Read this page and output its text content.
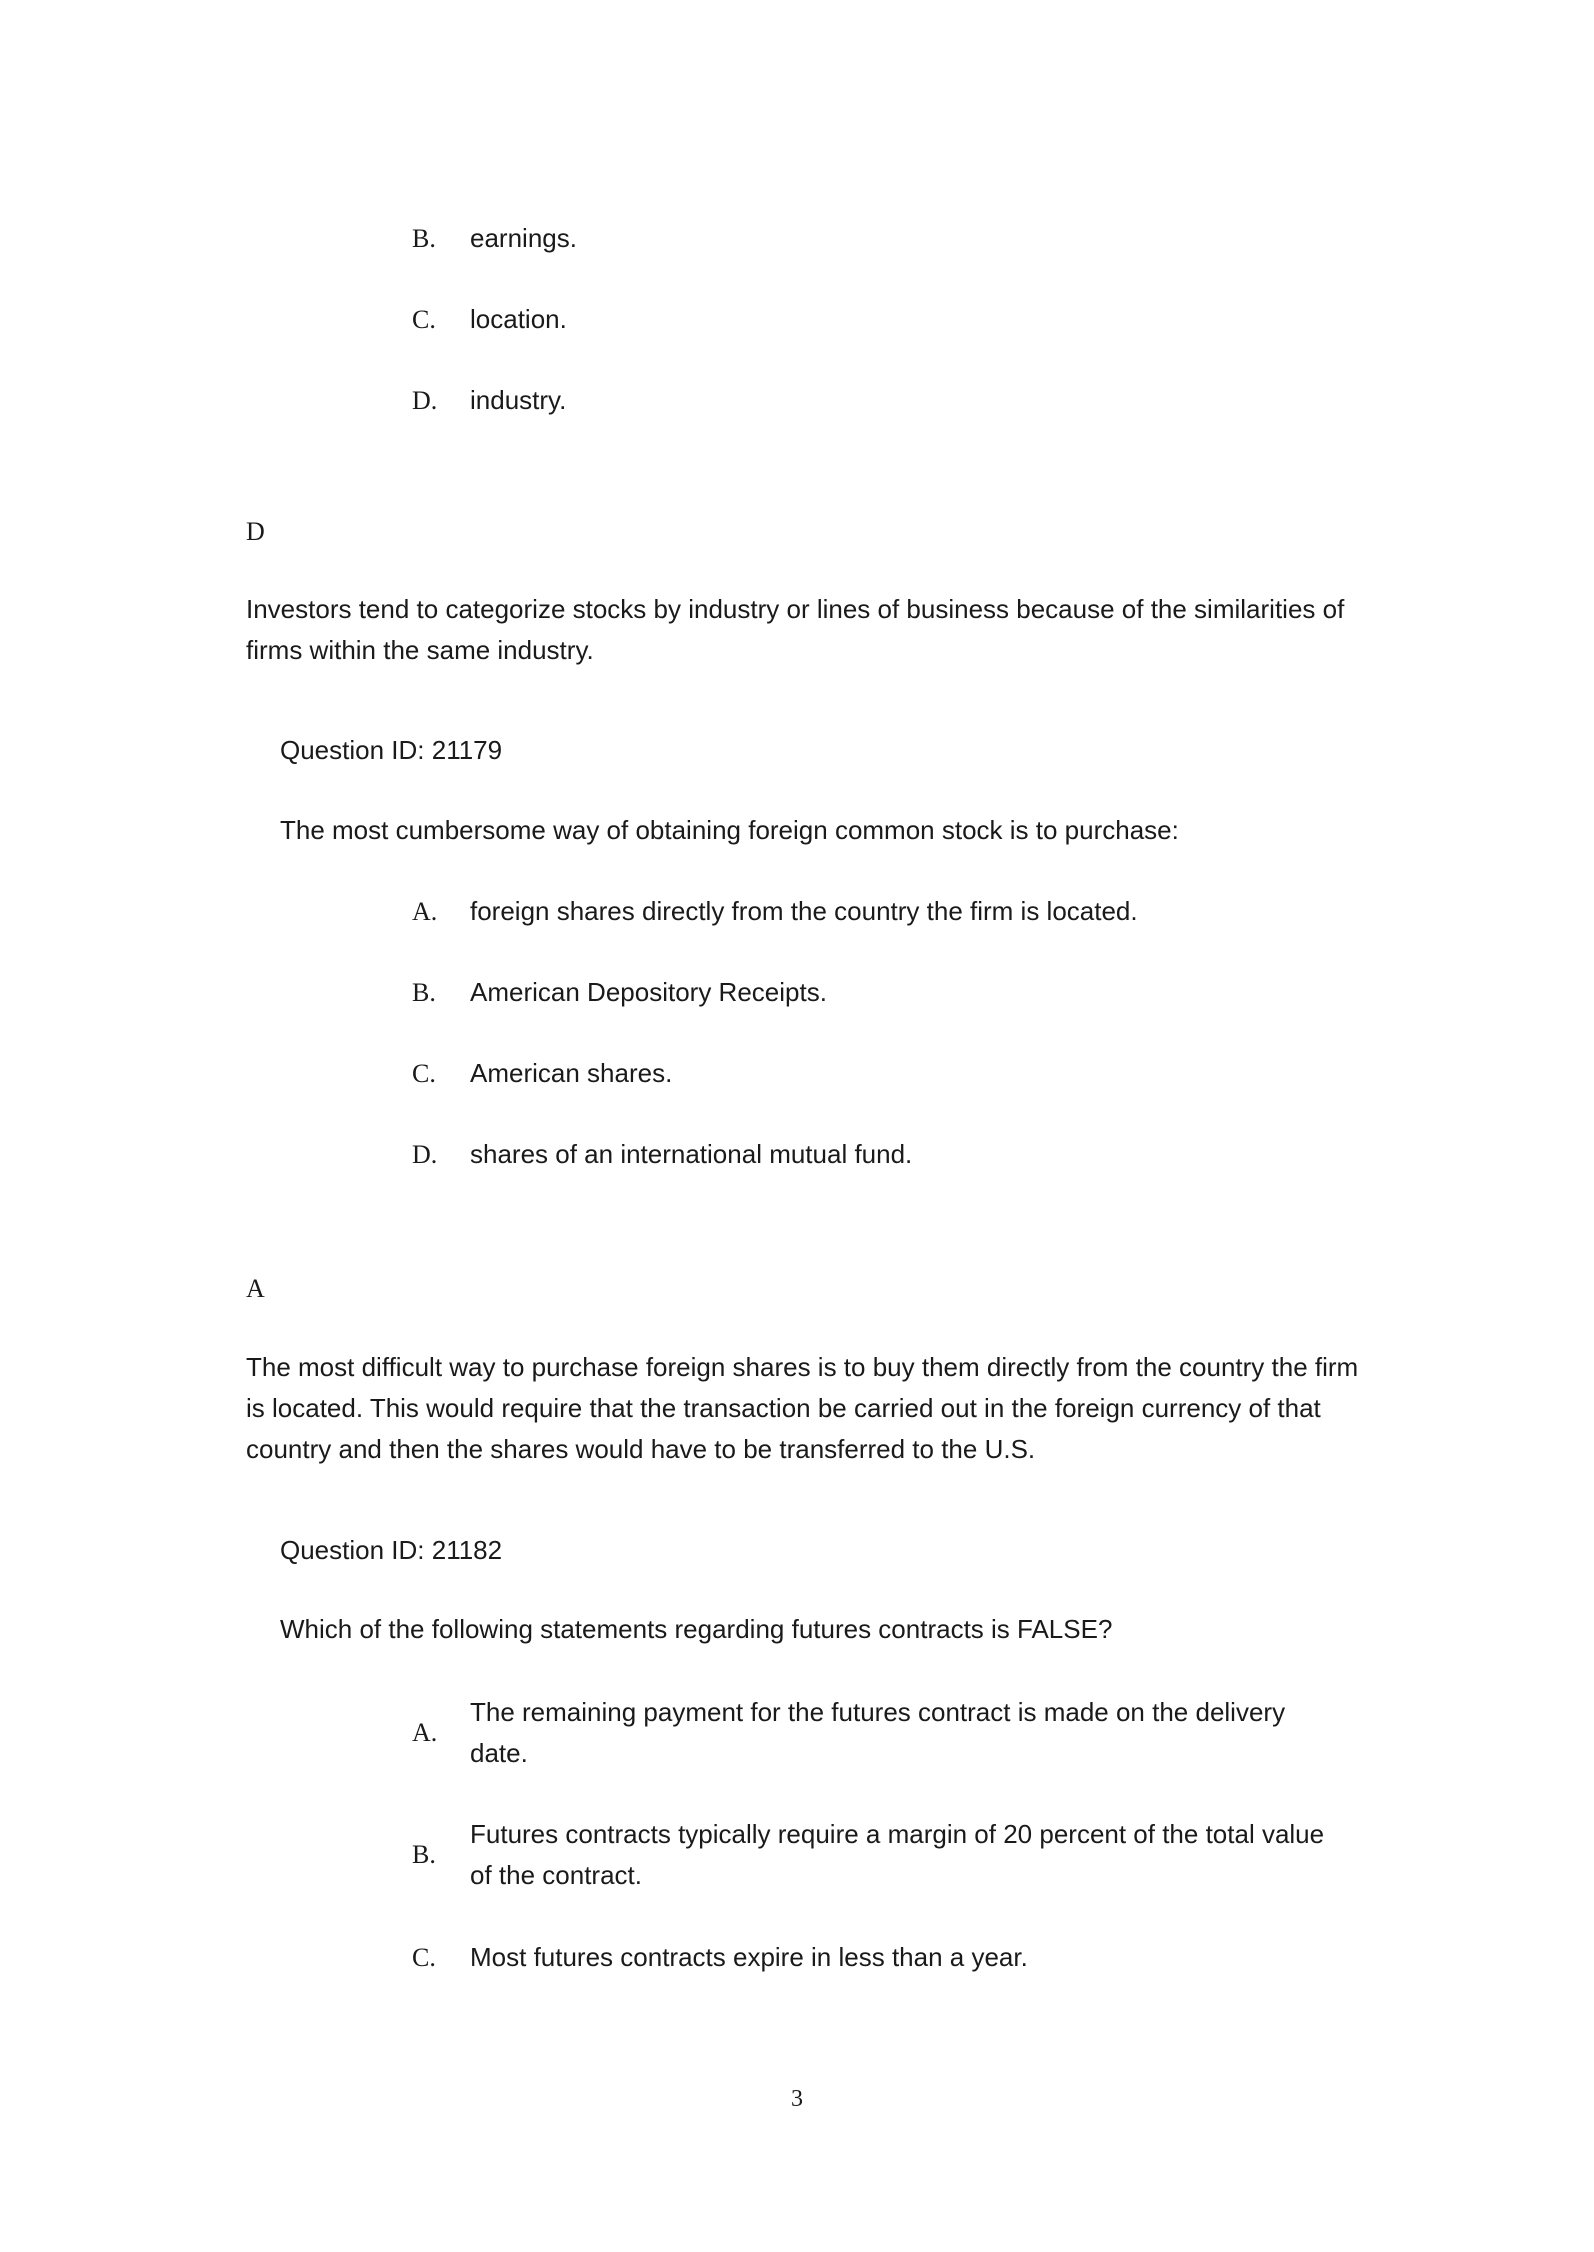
B.	earnings.
C.	location.
D.	industry.

D

Investors tend to categorize stocks by industry or lines of business because of the similarities of firms within the same industry.

Question ID: 21179

The most cumbersome way of obtaining foreign common stock is to purchase:

A.	foreign shares directly from the country the firm is located.
B.	American Depository Receipts.
C.	American shares.
D.	shares of an international mutual fund.

A

The most difficult way to purchase foreign shares is to buy them directly from the country the firm is located. This would require that the transaction be carried out in the foreign currency of that country and then the shares would have to be transferred to the U.S.

Question ID: 21182

Which of the following statements regarding futures contracts is FALSE?

A.
The remaining payment for the futures contract is made on the delivery date.
B.
Futures contracts typically require a margin of 20 percent of the total value of the contract.
C.	Most futures contracts expire in less than a year.

3
